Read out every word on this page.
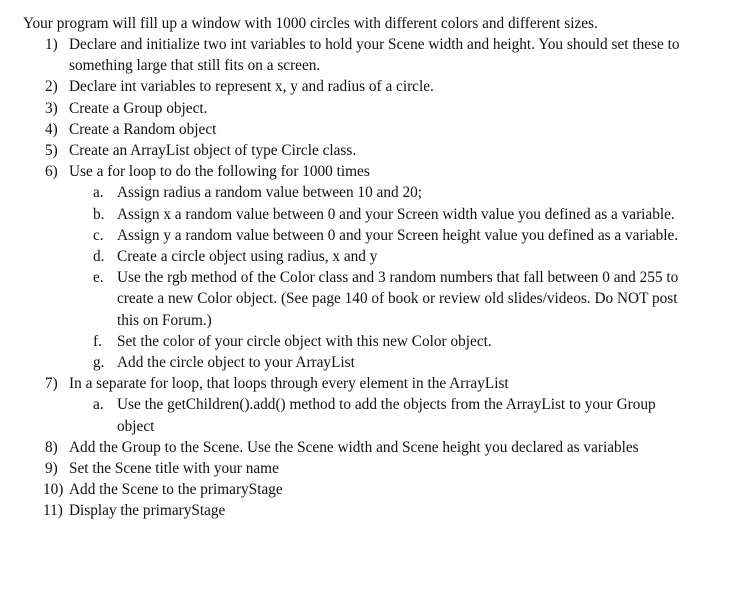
Your program will fill up a window with 1000 circles with different colors and different sizes.
1) Declare and initialize two int variables to hold your Scene width and height. You should set these to something large that still fits on a screen.
2) Declare int variables to represent x, y and radius of a circle.
3) Create a Group object.
4) Create a Random object
5) Create an ArrayList object of type Circle class.
6) Use a for loop to do the following for 1000 times
a. Assign radius a random value between 10 and 20;
b. Assign x a random value between 0 and your Screen width value you defined as a variable.
c. Assign y a random value between 0 and your Screen height value you defined as a variable.
d. Create a circle object using radius, x and y
e. Use the rgb method of the Color class and 3 random numbers that fall between 0 and 255 to create a new Color object. (See page 140 of book or review old slides/videos. Do NOT post this on Forum.)
f. Set the color of your circle object with this new Color object.
g. Add the circle object to your ArrayList
7) In a separate for loop, that loops through every element in the ArrayList
a. Use the getChildren().add() method to add the objects from the ArrayList to your Group object
8) Add the Group to the Scene. Use the Scene width and Scene height you declared as variables
9) Set the Scene title with your name
10) Add the Scene to the primaryStage
11) Display the primaryStage
